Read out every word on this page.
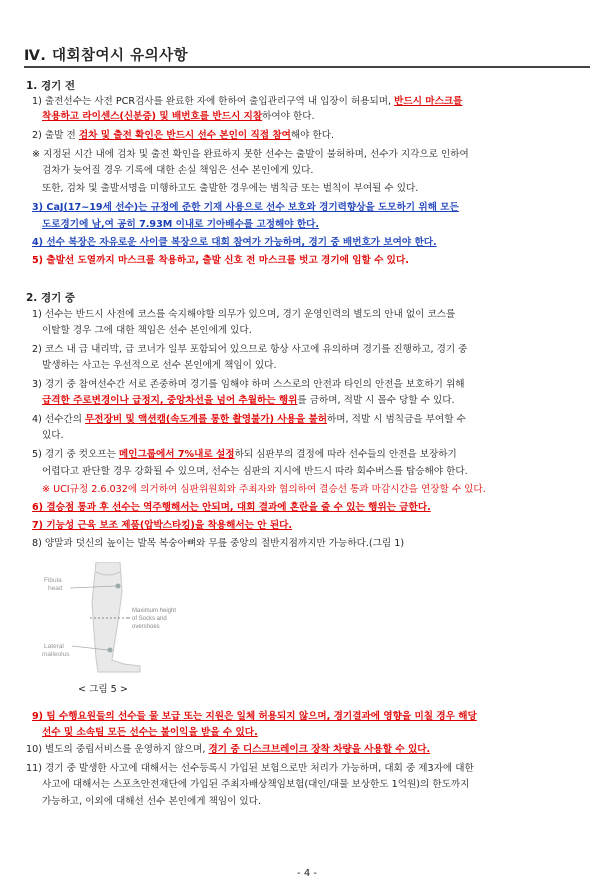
Ⅳ. 대회참여시 유의사항
1. 경기 전
1) 출전선수는 사전 PCR검사를 완료한 자에 한하여 출입관리구역 내 입장이 허용되며, 반드시 마스크를
착용하고 라이센스(신분증) 및 배번호를 반드시 지참하여야 한다.
2) 출발 전 검차 및 출전 확인은 반드시 선수 본인이 직접 참여해야 한다.
※ 지정된 시간 내에 검차 및 출전 확인을 완료하지 못한 선수는 출발이 불허하며, 선수가 지각으로 인하여
검차가 늦어질 경우 기록에 대한 손실 책임은 선수 본인에게 있다.
또한, 검차 및 출발서명을 미행하고도 출발한 경우에는 범칙금 또는 벌칙이 부여될 수 있다.
3) CaJ(17~19세 선수)는 규정에 준한 기재 사용으로 선수 보호와 경기력향상을 도모하기 위해 모든
도로경기에 남,여 공히 7.93M 이내로 기아배수를 고정해야 한다.
4) 선수 복장은 자유로운 사이클 복장으로 대회 참여가 가능하며, 경기 중 배번호가 보여야 한다.
5) 출발선 도열까지 마스크를 착용하고, 출발 신호 전 마스크를 벗고 경기에 임할 수 있다.
2. 경기 중
1) 선수는 반드시 사전에 코스를 숙지해야할 의무가 있으며, 경기 운영인력의 별도의 안내 없이 코스를
이탈할 경우 그에 대한 책임은 선수 본인에게 있다.
2) 코스 내 급 내리막, 급 코너가 일부 포함되어 있으므로 항상 사고에 유의하며 경기를 진행하고, 경기 중
발생하는 사고는 우선적으로 선수 본인에게 책임이 있다.
3) 경기 중 참여선수간 서로 존중하며 경기를 임해야 하며 스스로의 안전과 타인의 안전을 보호하기 위해
급격한 주로변경이나 급정지, 중앙차선을 넘어 추월하는 행위를 금하며, 적발 시 몰수 당할 수 있다.
4) 선수간의 무전장비 및 액션캠(속도계를 통한 촬영불가) 사용을 불허하며, 적발 시 범칙금을 부여할 수
있다.
5) 경기 중 컷오프는 메인그룹에서 7%내로 설정하되 심판부의 결정에 따라 선수들의 안전을 보장하기
어렵다고 판단할 경우 강화될 수 있으며, 선수는 심판의 지시에 반드시 따라 회수버스를 탑승해야 한다.
※ UCI규정 2.6.032에 의거하여 심판위원회와 주최자와 협의하여 결승선 통과 마감시간을 연장할 수 있다.
6) 결승점 통과 후 선수는 역주행해서는 안되며, 대회 결과에 혼란을 줄 수 있는 행위는 금한다.
7) 기능성 근육 보조 제품(압박스타킹)을 착용해서는 안 된다.
8) 양말과 덧신의 높이는 발목 복숭아뼈와 무릎 중앙의 절반지점까지만 가능하다.(그림 1)
Fibula
head
Maximum height
of Socks and
overshoes
Lateral
malleolus
< 그림 5 >
9) 팀 수행요원들의 선수들 물 보급 또는 지원은 일체 허용되지 않으며, 경기결과에 영향을 미칠 경우 해당
선수 및 소속팀 모든 선수는 불이익을 받을 수 있다.
10) 별도의 중립서비스를 운영하지 않으며, 경기 중 디스크브레이크 장착 차량을 사용할 수 있다.
11) 경기 중 발생한 사고에 대해서는 선수등록시 가입된 보험으로만 처리가 가능하며, 대회 중 제3자에 대한
사고에 대해서는 스포츠안전재단에 가입된 주최자배상책임보험(대인/대물 보상한도 1억원)의 한도까지
가능하고, 이외에 대해선 선수 본인에게 책임이 있다.
- 4 -
